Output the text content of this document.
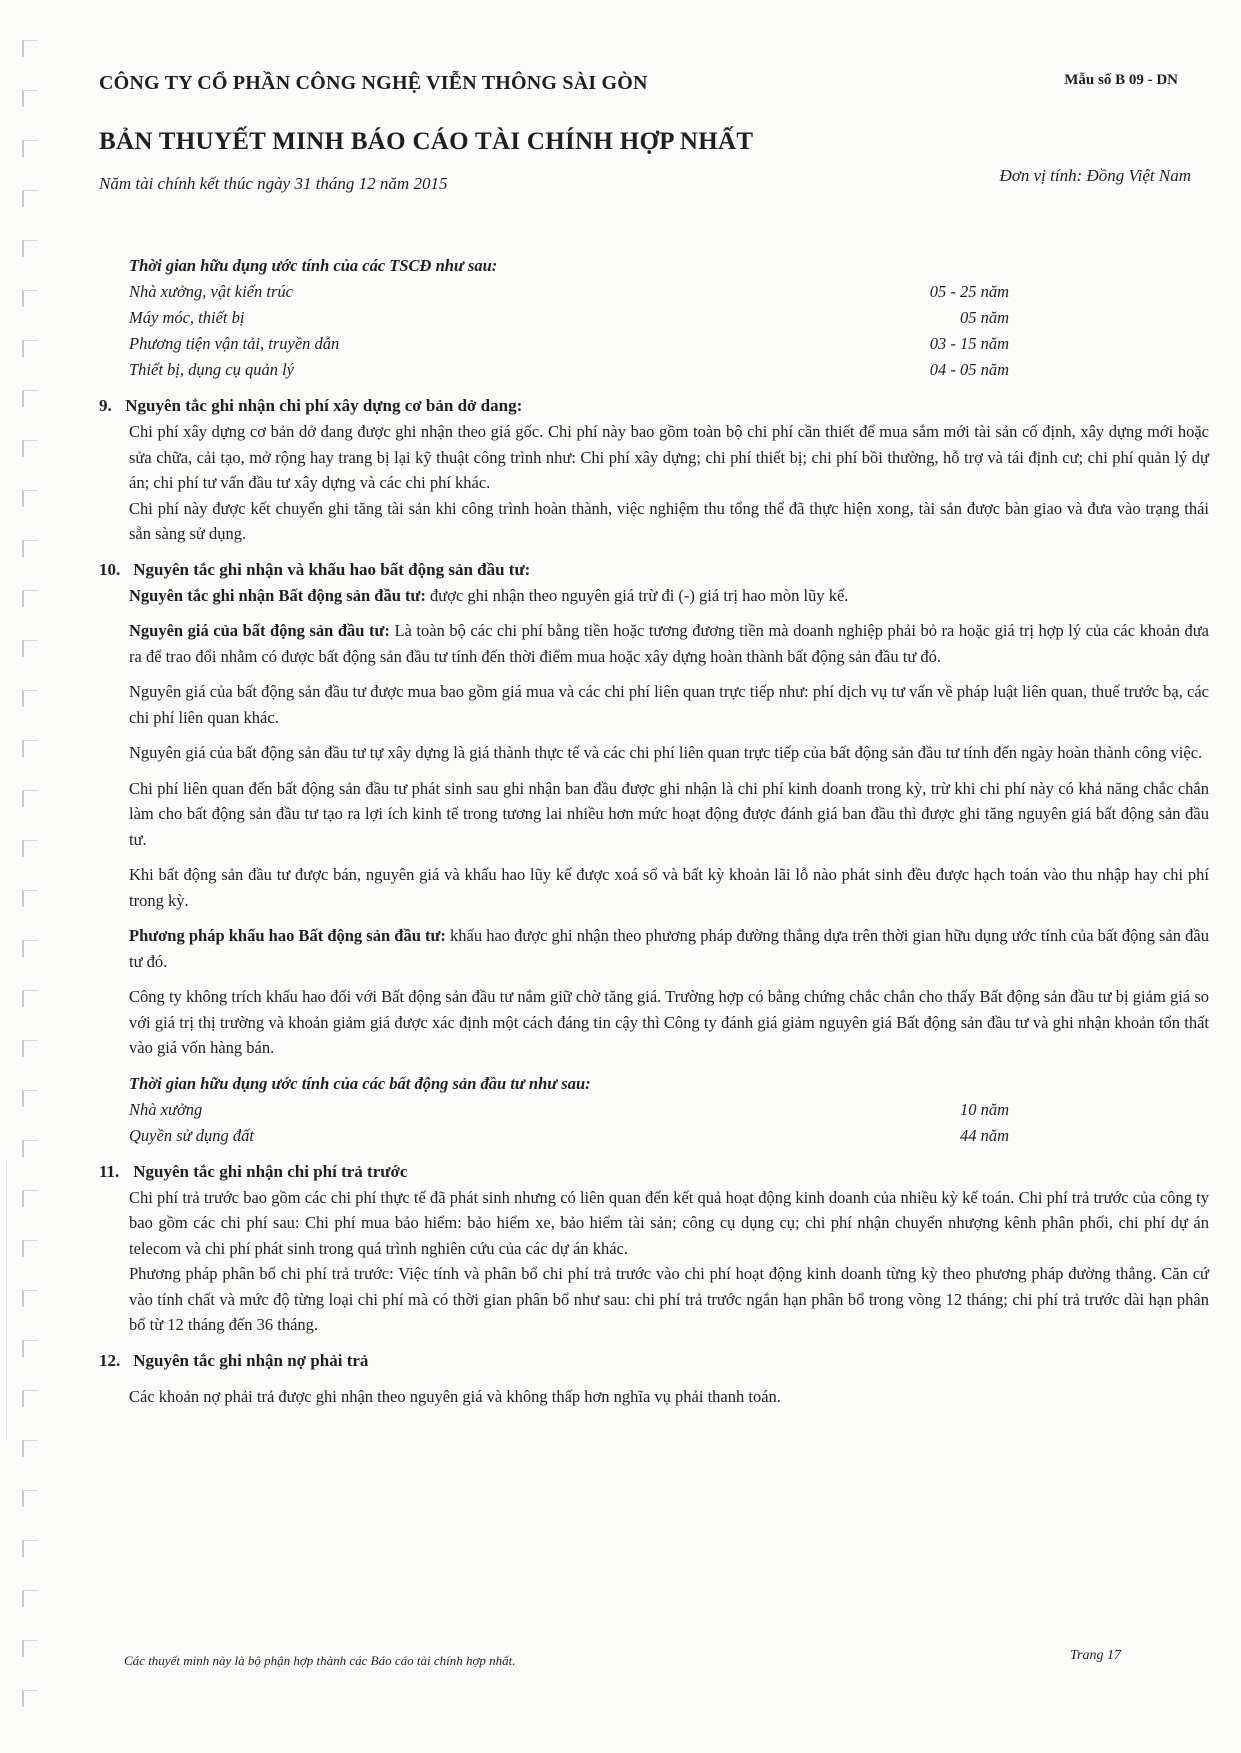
CÔNG TY CỔ PHẦN CÔNG NGHỆ VIỄN THÔNG SÀI GÒN	Mẫu số B 09 - DN
BẢN THUYẾT MINH BÁO CÁO TÀI CHÍNH HỢP NHẤT
Năm tài chính kết thúc ngày 31 tháng 12 năm 2015	Đơn vị tính: Đồng Việt Nam
Thời gian hữu dụng ước tính của các TSCĐ như sau:
Nhà xưởng, vật kiến trúc	05 - 25 năm
Máy móc, thiết bị	05 năm
Phương tiện vận tải, truyền dẫn	03 - 15 năm
Thiết bị, dụng cụ quản lý	04 - 05 năm
9. Nguyên tắc ghi nhận chi phí xây dựng cơ bản dở dang:
Chi phí xây dựng cơ bản dở dang được ghi nhận theo giá gốc. Chi phí này bao gồm toàn bộ chi phí cần thiết để mua sắm mới tài sản cố định, xây dựng mới hoặc sửa chữa, cải tạo, mở rộng hay trang bị lại kỹ thuật công trình như: Chi phí xây dựng; chi phí thiết bị; chi phí bồi thường, hỗ trợ và tái định cư; chi phí quản lý dự án; chi phí tư vấn đầu tư xây dựng và các chi phí khác.
Chi phí này được kết chuyển ghi tăng tài sản khi công trình hoàn thành, việc nghiệm thu tổng thể đã thực hiện xong, tài sản được bàn giao và đưa vào trạng thái sẵn sàng sử dụng.
10. Nguyên tắc ghi nhận và khấu hao bất động sản đầu tư:
Nguyên tắc ghi nhận Bất động sản đầu tư: được ghi nhận theo nguyên giá trừ đi (-) giá trị hao mòn lũy kế.
Nguyên giá của bất động sản đầu tư: Là toàn bộ các chi phí bằng tiền hoặc tương đương tiền mà doanh nghiệp phải bỏ ra hoặc giá trị hợp lý của các khoản đưa ra để trao đổi nhằm có được bất động sản đầu tư tính đến thời điểm mua hoặc xây dựng hoàn thành bất động sản đầu tư đó.
Nguyên giá của bất động sản đầu tư được mua bao gồm giá mua và các chi phí liên quan trực tiếp như: phí dịch vụ tư vấn về pháp luật liên quan, thuế trước bạ, các chi phí liên quan khác.
Nguyên giá của bất động sản đầu tư tự xây dựng là giá thành thực tế và các chi phí liên quan trực tiếp của bất động sản đầu tư tính đến ngày hoàn thành công việc.
Chi phí liên quan đến bất động sản đầu tư phát sinh sau ghi nhận ban đầu được ghi nhận là chi phí kinh doanh trong kỳ, trừ khi chi phí này có khả năng chắc chắn làm cho bất động sản đầu tư tạo ra lợi ích kinh tế trong tương lai nhiều hơn mức hoạt động được đánh giá ban đầu thì được ghi tăng nguyên giá bất động sản đầu tư.
Khi bất động sản đầu tư được bán, nguyên giá và khấu hao lũy kế được xoá sổ và bất kỳ khoản lãi lỗ nào phát sinh đều được hạch toán vào thu nhập hay chi phí trong kỳ.
Phương pháp khấu hao Bất động sản đầu tư: khấu hao được ghi nhận theo phương pháp đường thẳng dựa trên thời gian hữu dụng ước tính của bất động sản đầu tư đó.
Công ty không trích khấu hao đối với Bất động sản đầu tư nắm giữ chờ tăng giá. Trường hợp có bằng chứng chắc chắn cho thấy Bất động sản đầu tư bị giảm giá so với giá trị thị trường và khoản giảm giá được xác định một cách đáng tin cậy thì Công ty đánh giá giảm nguyên giá Bất động sản đầu tư và ghi nhận khoản tổn thất vào giá vốn hàng bán.
Thời gian hữu dụng ước tính của các bất động sản đầu tư như sau:
Nhà xưởng	10 năm
Quyền sử dụng đất	44 năm
11. Nguyên tắc ghi nhận chi phí trả trước
Chi phí trả trước bao gồm các chi phí thực tế đã phát sinh nhưng có liên quan đến kết quả hoạt động kinh doanh của nhiều kỳ kế toán. Chi phí trả trước của công ty bao gồm các chi phí sau: Chi phí mua bảo hiểm: bảo hiểm xe, bảo hiểm tài sản; công cụ dụng cụ; chi phí nhận chuyển nhượng kênh phân phối, chi phí dự án telecom và chi phí phát sinh trong quá trình nghiên cứu của các dự án khác.
Phương pháp phân bổ chi phí trả trước: Việc tính và phân bổ chi phí trả trước vào chi phí hoạt động kinh doanh từng kỳ theo phương pháp đường thẳng. Căn cứ vào tính chất và mức độ từng loại chi phí mà có thời gian phân bổ như sau: chi phí trả trước ngắn hạn phân bổ trong vòng 12 tháng; chi phí trả trước dài hạn phân bổ từ 12 tháng đến 36 tháng.
12. Nguyên tắc ghi nhận nợ phải trả
Các khoản nợ phải trả được ghi nhận theo nguyên giá và không thấp hơn nghĩa vụ phải thanh toán.
Các thuyết minh này là bộ phận hợp thành các Báo cáo tài chính hợp nhất.	Trang 17
